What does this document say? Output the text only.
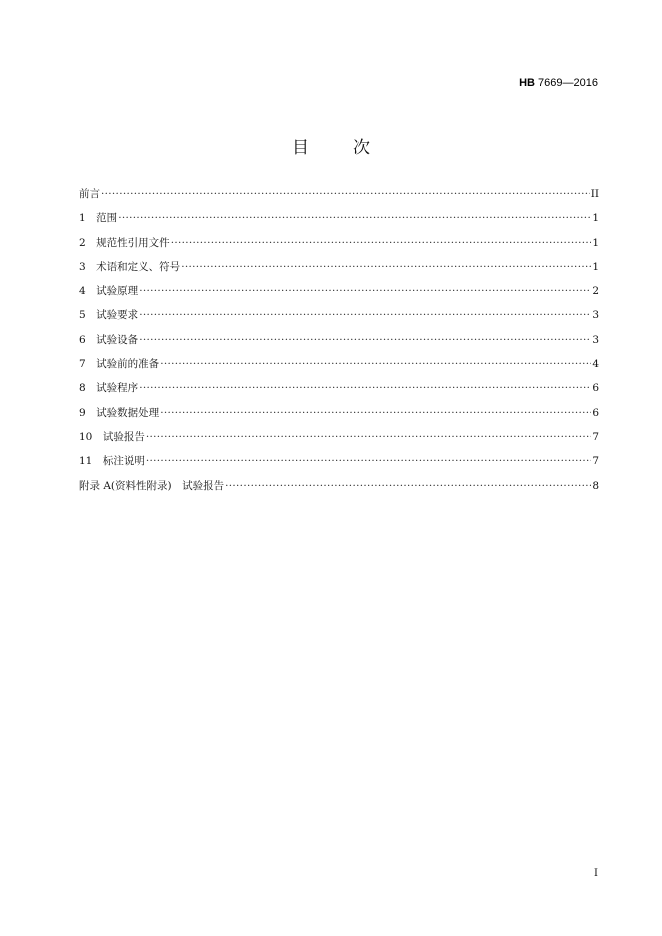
HB 7669—2016
目	次
前言 ·····	II
1　范围 ·····	1
2　规范性引用文件 ·····	1
3　术语和定义、符号 ·····	1
4　试验原理 ·····	2
5　试验要求 ·····	3
6　试验设备 ·····	3
7　试验前的准备 ·····	4
8　试验程序 ·····	6
9　试验数据处理 ·····	6
10　试验报告 ·····	7
11　标注说明 ·····	7
附录 A(资料性附录)　试验报告 ·····	8
I
